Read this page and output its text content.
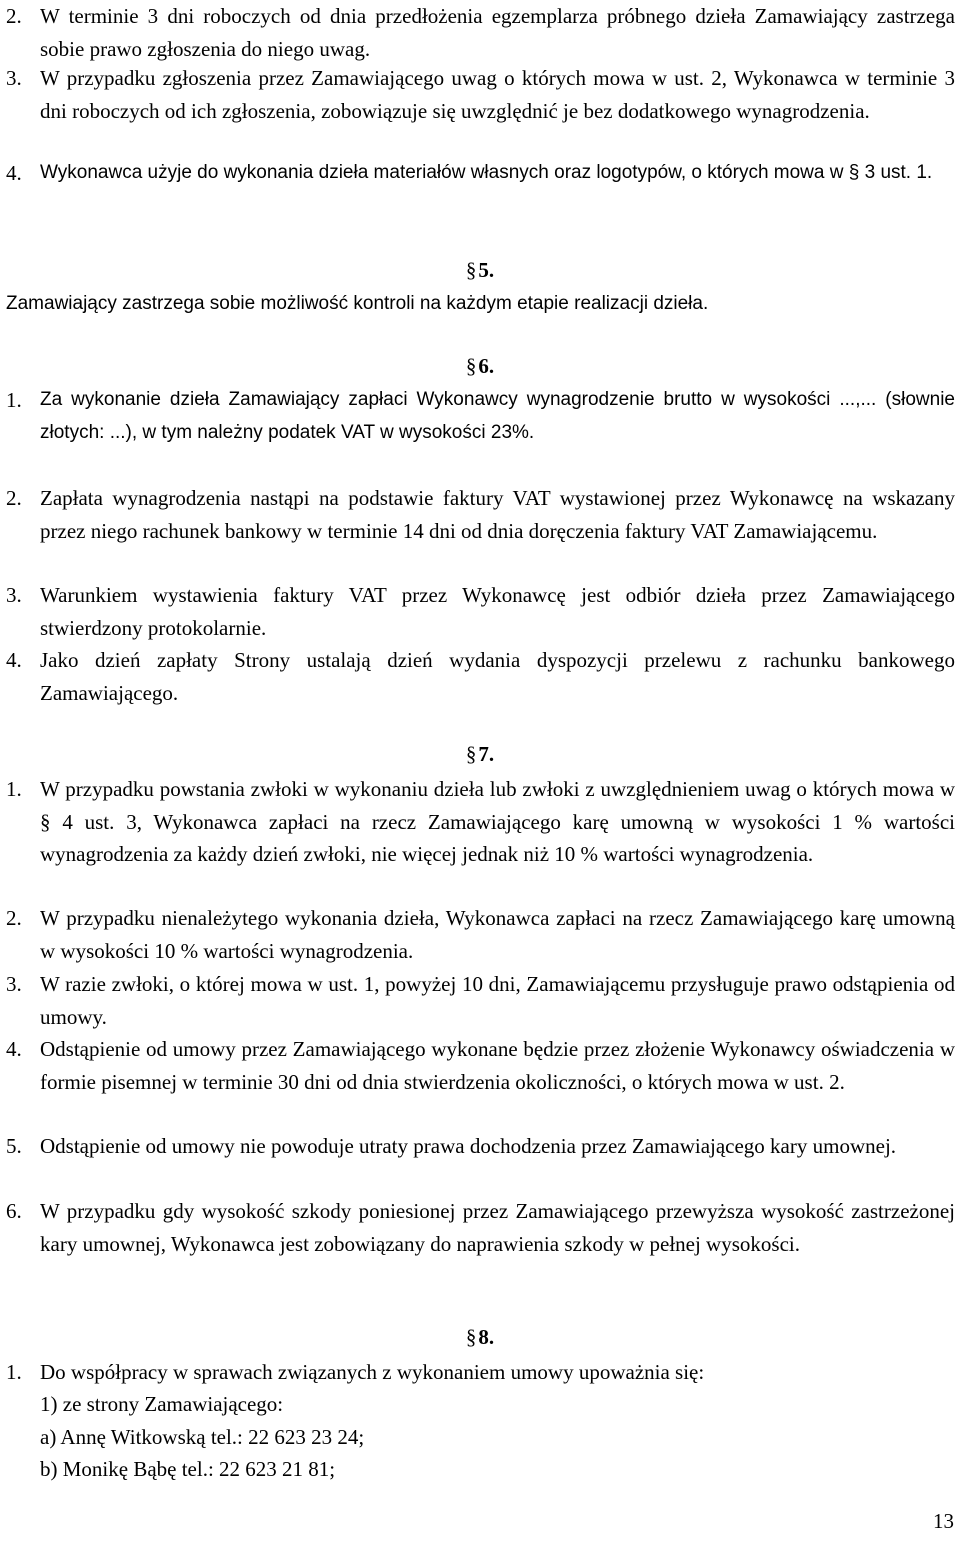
2. W terminie 3 dni roboczych od dnia przedłożenia egzemplarza próbnego dzieła Zamawiający zastrzega sobie prawo zgłoszenia do niego uwag.
3. W przypadku zgłoszenia przez Zamawiającego uwag o których mowa w ust. 2, Wykonawca w terminie 3 dni roboczych od ich zgłoszenia, zobowiązuje się uwzględnić je bez dodatkowego wynagrodzenia.
4. Wykonawca użyje do wykonania dzieła materiałów własnych oraz logotypów, o których mowa w § 3 ust. 1.
§5.
Zamawiający zastrzega sobie możliwość kontroli na każdym etapie realizacji dzieła.
§6.
1. Za wykonanie dzieła Zamawiający zapłaci Wykonawcy wynagrodzenie brutto w wysokości ...,... (słownie złotych: ...), w tym należny podatek VAT w wysokości 23%.
2. Zapłata wynagrodzenia nastąpi na podstawie faktury VAT wystawionej przez Wykonawcę na wskazany przez niego rachunek bankowy w terminie 14 dni od dnia doręczenia faktury VAT Zamawiającemu.
3. Warunkiem wystawienia faktury VAT przez Wykonawcę jest odbiór dzieła przez Zamawiającego stwierdzony protokolarnie.
4. Jako dzień zapłaty Strony ustalają dzień wydania dyspozycji przelewu z rachunku bankowego Zamawiającego.
§7.
1. W przypadku powstania zwłoki w wykonaniu dzieła lub zwłoki z uwzględnieniem uwag o których mowa w § 4 ust. 3, Wykonawca zapłaci na rzecz Zamawiającego karę umowną w wysokości 1 % wartości wynagrodzenia za każdy dzień zwłoki, nie więcej jednak niż 10 % wartości wynagrodzenia.
2. W przypadku nienależytego wykonania dzieła, Wykonawca zapłaci na rzecz Zamawiającego karę umowną w wysokości 10 % wartości wynagrodzenia.
3. W razie zwłoki, o której mowa w ust. 1, powyżej 10 dni, Zamawiającemu przysługuje prawo odstąpienia od umowy.
4. Odstąpienie od umowy przez Zamawiającego wykonane będzie przez złożenie Wykonawcy oświadczenia w formie pisemnej w terminie 30 dni od dnia stwierdzenia okoliczności, o których mowa w ust. 2.
5. Odstąpienie od umowy nie powoduje utraty prawa dochodzenia przez Zamawiającego kary umownej.
6. W przypadku gdy wysokość szkody poniesionej przez Zamawiającego przewyższa wysokość zastrzeżonej kary umownej, Wykonawca jest zobowiązany do naprawienia szkody w pełnej wysokości.
§8.
1. Do współpracy w sprawach związanych z wykonaniem umowy upoważnia się:
1) ze strony Zamawiającego:
a) Annę Witkowską tel.: 22 623 23 24;
b) Monikę Bąbę tel.: 22 623 21 81;
13
